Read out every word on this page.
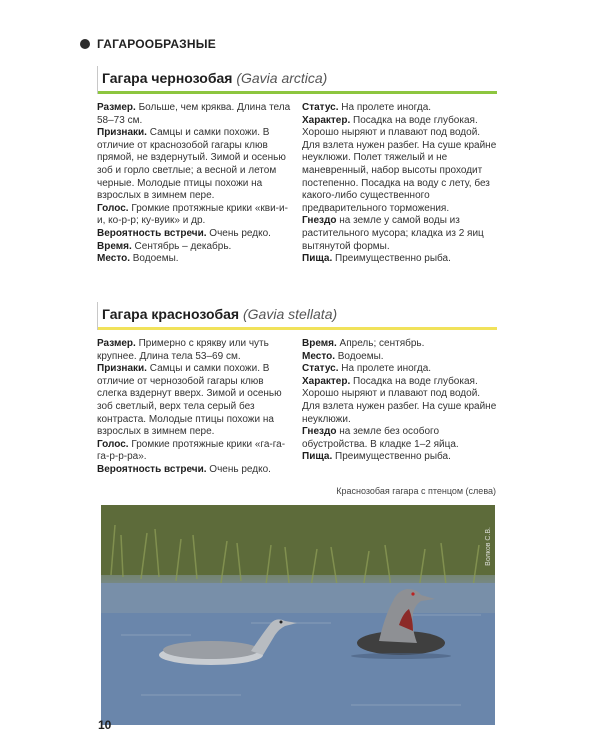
ГАГАРООБРАЗНЫЕ
Гагара чернозобая (Gavia arctica)

Размер. Больше, чем кряква. Длина тела 58–73 см.

Признаки. Самцы и самки похожи. В отличие от краснозобой гагары клюв прямой, не вздернутый. Зимой и осенью зоб и горло светлые; а весной и летом черные. Молодые птицы похожи на взрослых в зимнем пере.

Голос. Громкие протяжные крики «кви-и-и, ко-р-р; ку-вуик» и др.

Вероятность встречи. Очень редко.

Время. Сентябрь – декабрь.

Место. Водоемы.

Статус. На пролете иногда.

Характер. Посадка на воде глубокая. Хорошо ныряют и плавают под водой. Для взлета нужен разбег. На суше крайне неуклюжи. Полет тяжелый и не маневренный, набор высоты проходит постепенно. Посадка на воду с лету, без какого-либо существенного предварительного торможения.

Гнездо на земле у самой воды из растительного мусора; кладка из 2 яиц вытянутой формы.

Пища. Преимущественно рыба.

Гагара краснозобая (Gavia stellata)

Размер. Примерно с крякву или чуть крупнее. Длина тела 53–69 см.

Признаки. Самцы и самки похожи. В отличие от чернозобой гагары клюв слегка вздернут вверх. Зимой и осенью зоб светлый, верх тела серый без контраста. Молодые птицы похожи на взрослых в зимнем пере.

Голос. Громкие протяжные крики «га-га-га-р-р-ра».

Вероятность встречи. Очень редко.

Время. Апрель; сентябрь.

Место. Водоемы.

Статус. На пролете иногда.

Характер. Посадка на воде глубокая. Хорошо ныряют и плавают под водой. Для взлета нужен разбег. На суше крайне неуклюжи.

Гнездо на земле без особого обустройства. В кладке 1–2 яйца.

Пища. Преимущественно рыба.

Краснозобая гагара с птенцом (слева)
Волков С.В.
10
